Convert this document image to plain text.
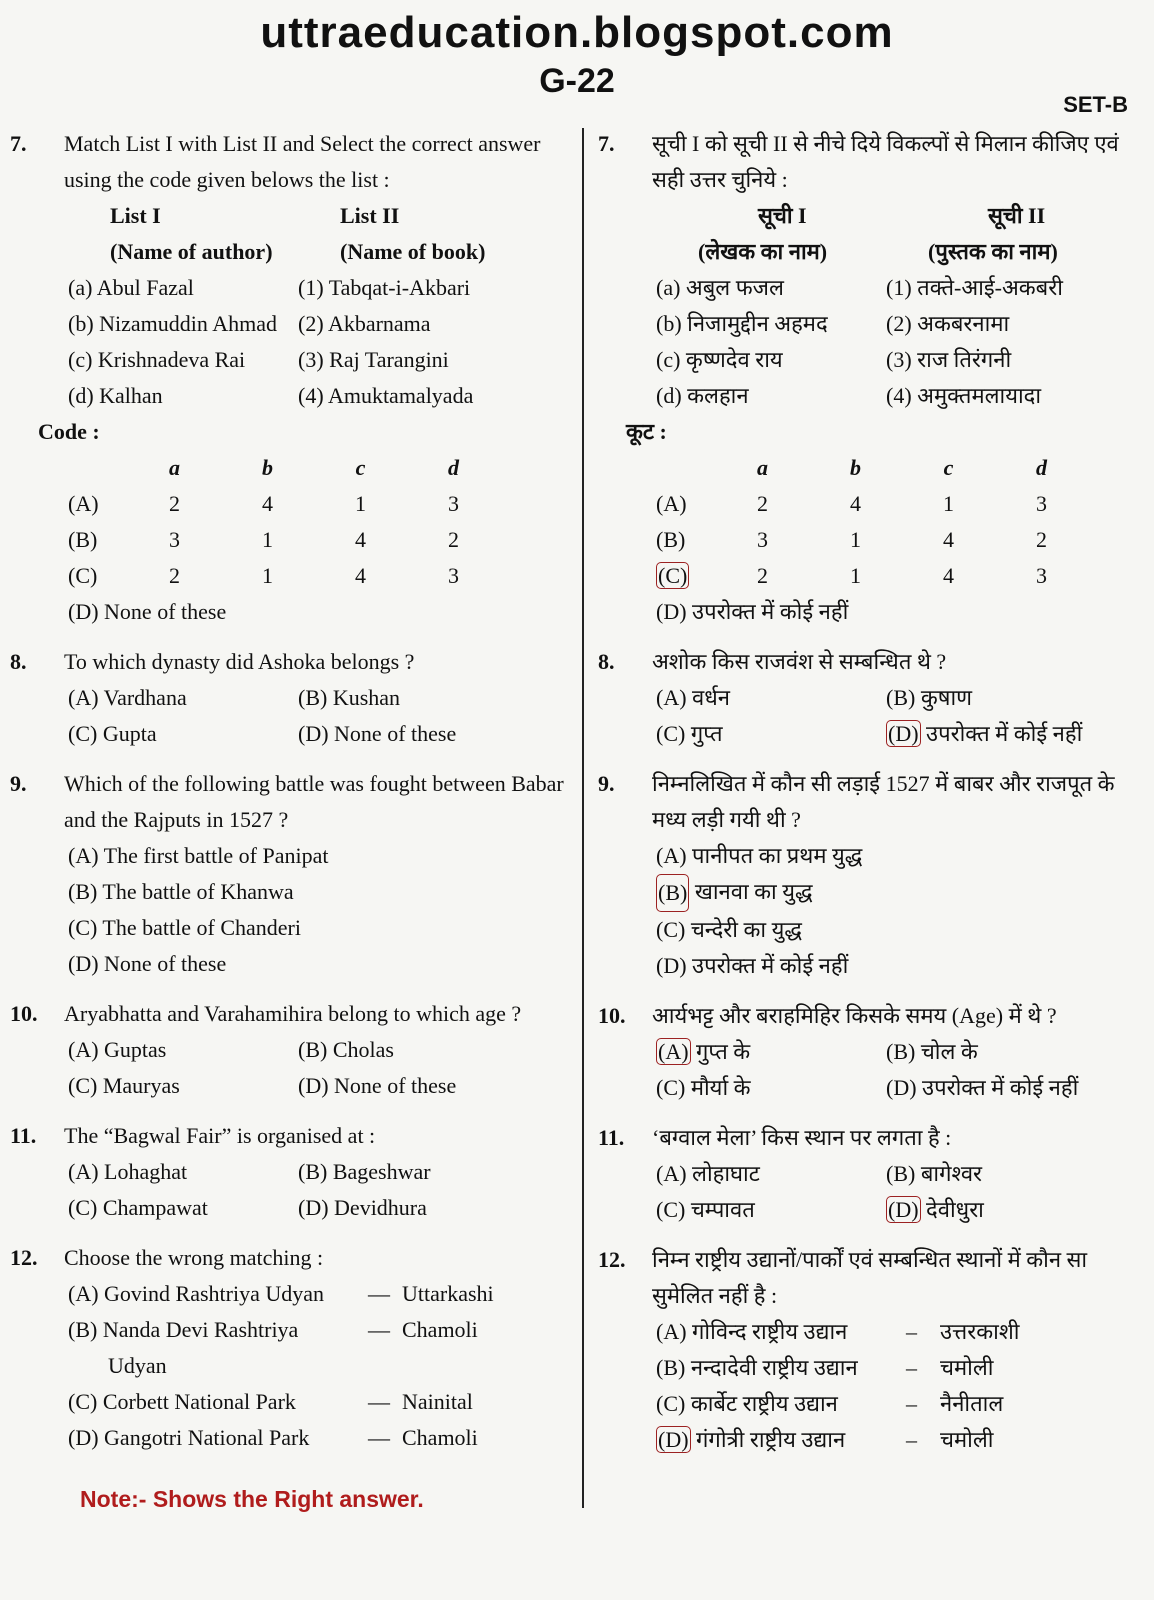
uttraeducation.blogspot.com
G-22
SET-B
7. Match List I with List II and Select the correct answer using the code given belows the list :
List I	List II
(Name of author)	(Name of book)
(a) Abul Fazal	(1) Tabqat-i-Akbari
(b) Nizamuddin Ahmad (2) Akbarnama
(c) Krishnadeva Rai	(3) Raj Tarangini
(d) Kalhan	(4) Amuktamalyada
Code :
a	b	c	d
(A)	2	4	1	3
(B)	3	1	4	2
(C)	2	1	4	3
(D) None of these
8. To which dynasty did Ashoka belongs ?
(A) Vardhana	(B) Kushan
(C) Gupta	(D) None of these
9. Which of the following battle was fought between Babar and the Rajputs in 1527 ?
(A) The first battle of Panipat
(B) The battle of Khanwa
(C) The battle of Chanderi
(D) None of these
10. Aryabhatta and Varahamihira belong to which age ?
(A) Guptas	(B) Cholas
(C) Mauryas	(D) None of these
11. The “Bagwal Fair” is organised at :
(A) Lohaghat	(B) Bageshwar
(C) Champawat	(D) Devidhura
12. Choose the wrong matching :
(A) Govind Rashtriya Udyan	— Uttarkashi
(B) Nanda Devi Rashtriya	— Chamoli
Udyan
(C) Corbett National Park	— Nainital
(D) Gangotri National Park	— Chamoli
7. सूची I को सूची II से नीचे दिये विकल्पों से मिलान कीजिए एवं सही उत्तर चुनिये :
सूची I	सूची II
(लेखक का नाम)	(पुस्तक का नाम)
(a) अबुल फजल	(1) तक्ते-आई-अकबरी
(b) निजामुद्दीन अहमद	(2) अकबरनामा
(c) कृष्णदेव राय	(3) राज तिरंगनी
(d) कलहान	(4) अमुक्तमलायादा
कूट :
a	b	c	d
(A)	2	4	1	3
(B)	3	1	4	2
(C)	2	1	4	3
(D) उपरोक्त में कोई नहीं
8. अशोक किस राजवंश से सम्बन्धित थे ?
(A) वर्धन	(B) कुषाण
(C) गुप्त	(D) उपरोक्त में कोई नहीं
9. निम्नलिखित में कौन सी लड़ाई 1527 में बाबर और राजपूत के मध्य लड़ी गयी थी ?
(A) पानीपत का प्रथम युद्ध
(B)
खानवा का युद्ध
(C) चन्देरी का युद्ध
(D) उपरोक्त में कोई नहीं
10. आर्यभट्ट और बराहमिहिर किसके समय (Age) में थे ?
(A) गुप्त के	(B) चोल के
(C) मौर्या के	(D) उपरोक्त में कोई नहीं
11. ‘बग्वाल मेला’ किस स्थान पर लगता है :
(A) लोहाघाट	(B) बागेश्वर
(C) चम्पावत	(D) देवीधुरा
12. निम्न राष्ट्रीय उद्यानों/पार्कों एवं सम्बन्धित स्थानों में कौन सा सुमेलित नहीं है :
(A) गोविन्द राष्ट्रीय उद्यान	–	उत्तरकाशी
(B) नन्दादेवी राष्ट्रीय उद्यान	–	चमोली
(C) कार्बेट राष्ट्रीय उद्यान	–	नैनीताल
(D) गंगोत्री राष्ट्रीय उद्यान	–	चमोली
Note:- Shows the Right answer.
